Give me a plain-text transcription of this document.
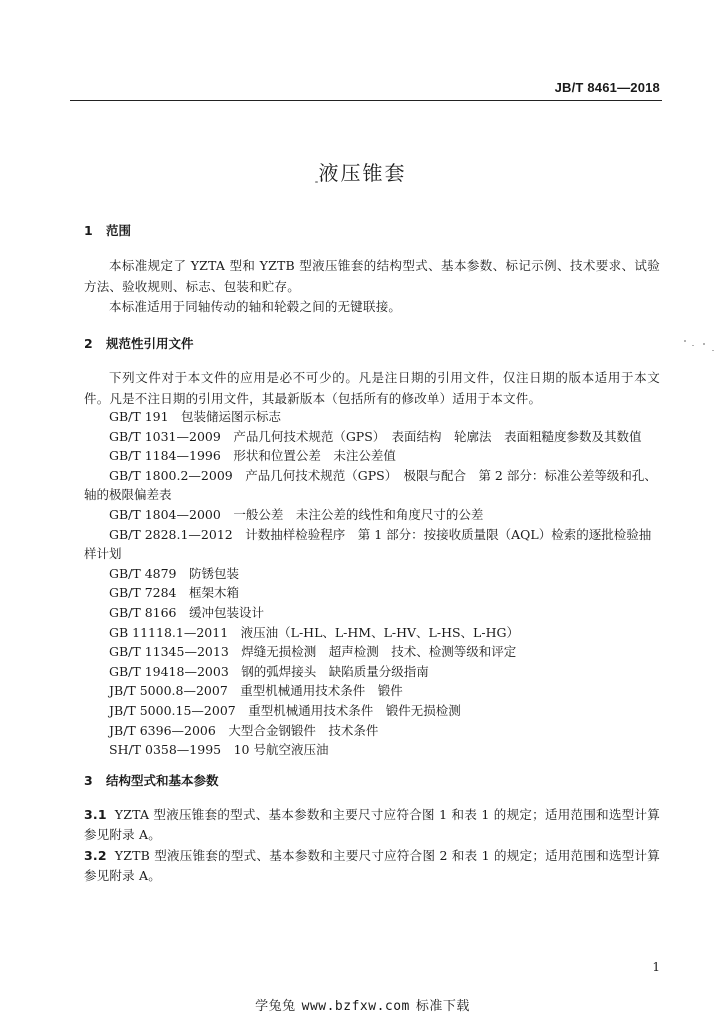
JB/T 8461—2018
液压锥套
1 范围
本标准规定了 YZTA 型和 YZTB 型液压锥套的结构型式、基本参数、标记示例、技术要求、试验方法、验收规则、标志、包装和贮存。
本标准适用于同轴传动的轴和轮毂之间的无键联接。
2 规范性引用文件
下列文件对于本文件的应用是必不可少的。凡是注日期的引用文件，仅注日期的版本适用于本文件。凡是不注日期的引用文件，其最新版本（包括所有的修改单）适用于本文件。
GB/T 191　包装储运图示标志
GB/T 1031—2009　产品几何技术规范（GPS）　表面结构　轮廓法　表面粗糙度参数及其数值
GB/T 1184—1996　形状和位置公差　未注公差值
GB/T 1800.2—2009　产品几何技术规范（GPS）　极限与配合　第 2 部分：标准公差等级和孔、轴的极限偏差表
GB/T 1804—2000　一般公差　未注公差的线性和角度尺寸的公差
GB/T 2828.1—2012　计数抽样检验程序　第 1 部分：按接收质量限（AQL）检索的逐批检验抽样计划
GB/T 4879　防锈包装
GB/T 7284　框架木箱
GB/T 8166　缓冲包装设计
GB 11118.1—2011　液压油（L-HL、L-HM、L-HV、L-HS、L-HG）
GB/T 11345—2013　焊缝无损检测　超声检测　技术、检测等级和评定
GB/T 19418—2003　钢的弧焊接头　缺陷质量分级指南
JB/T 5000.8—2007　重型机械通用技术条件　锻件
JB/T 5000.15—2007　重型机械通用技术条件　锻件无损检测
JB/T 6396—2006　大型合金钢锻件　技术条件
SH/T 0358—1995　10 号航空液压油
3 结构型式和基本参数
3.1 YZTA 型液压锥套的型式、基本参数和主要尺寸应符合图 1 和表 1 的规定；适用范围和选型计算参见附录 A。
3.2 YZTB 型液压锥套的型式、基本参数和主要尺寸应符合图 2 和表 1 的规定；适用范围和选型计算参见附录 A。
1
学兔兔 www.bzfxw.com 标准下载
